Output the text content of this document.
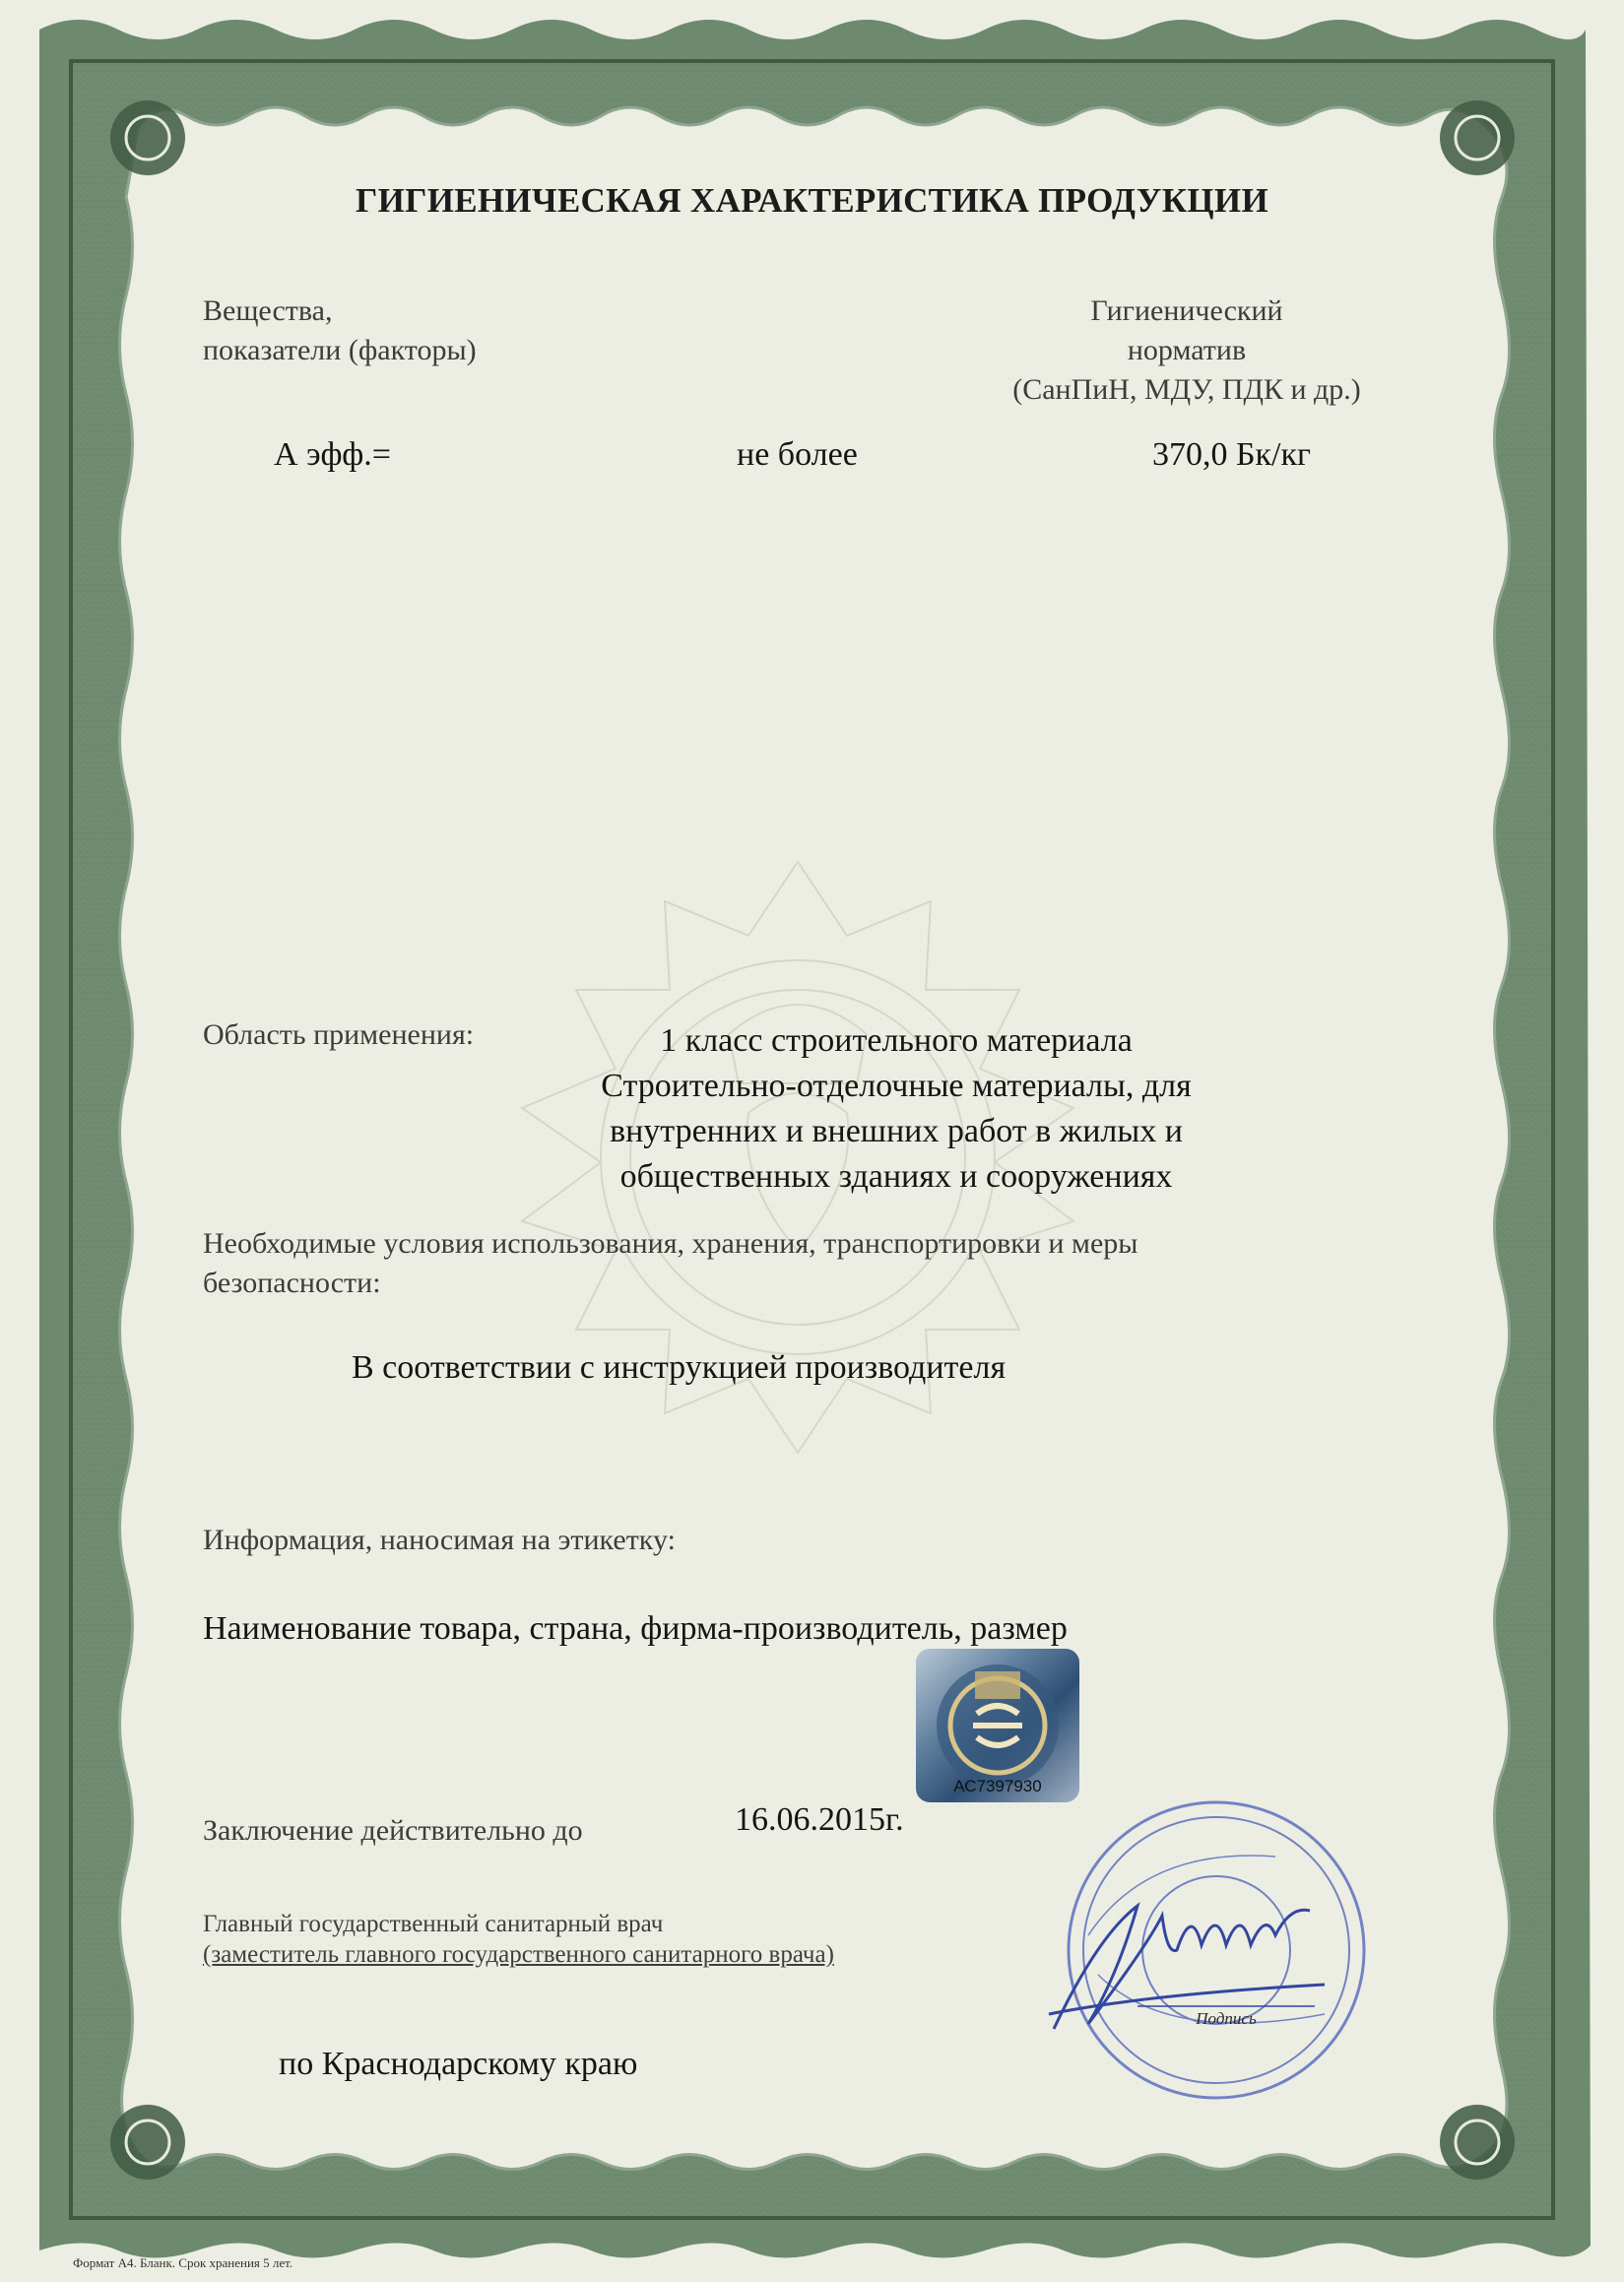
ГИГИЕНИЧЕСКАЯ ХАРАКТЕРИСТИКА ПРОДУКЦИИ
Вещества,
показатели (факторы)
Гигиенический
норматив
(СанПиН, МДУ, ПДК и др.)
А эфф.=	не более	370,0 Бк/кг
Область применения:	1 класс строительного материала
Строительно-отделочные материалы, для
внутренних и внешних работ в жилых и
общественных зданиях и сооружениях
Необходимые условия использования, хранения, транспортировки и меры
безопасности:
В соответствии с инструкцией производителя
Информация, наносимая на этикетку:
Наименование товара, страна, фирма-производитель, размер
АС7397930
Заключение действительно до	16.06.2015г.
Главный государственный санитарный врач
(заместитель главного государственного санитарного врача)
по Краснодарскому краю
Подпись
Формат А4. Бланк. Срок хранения 5 лет.
